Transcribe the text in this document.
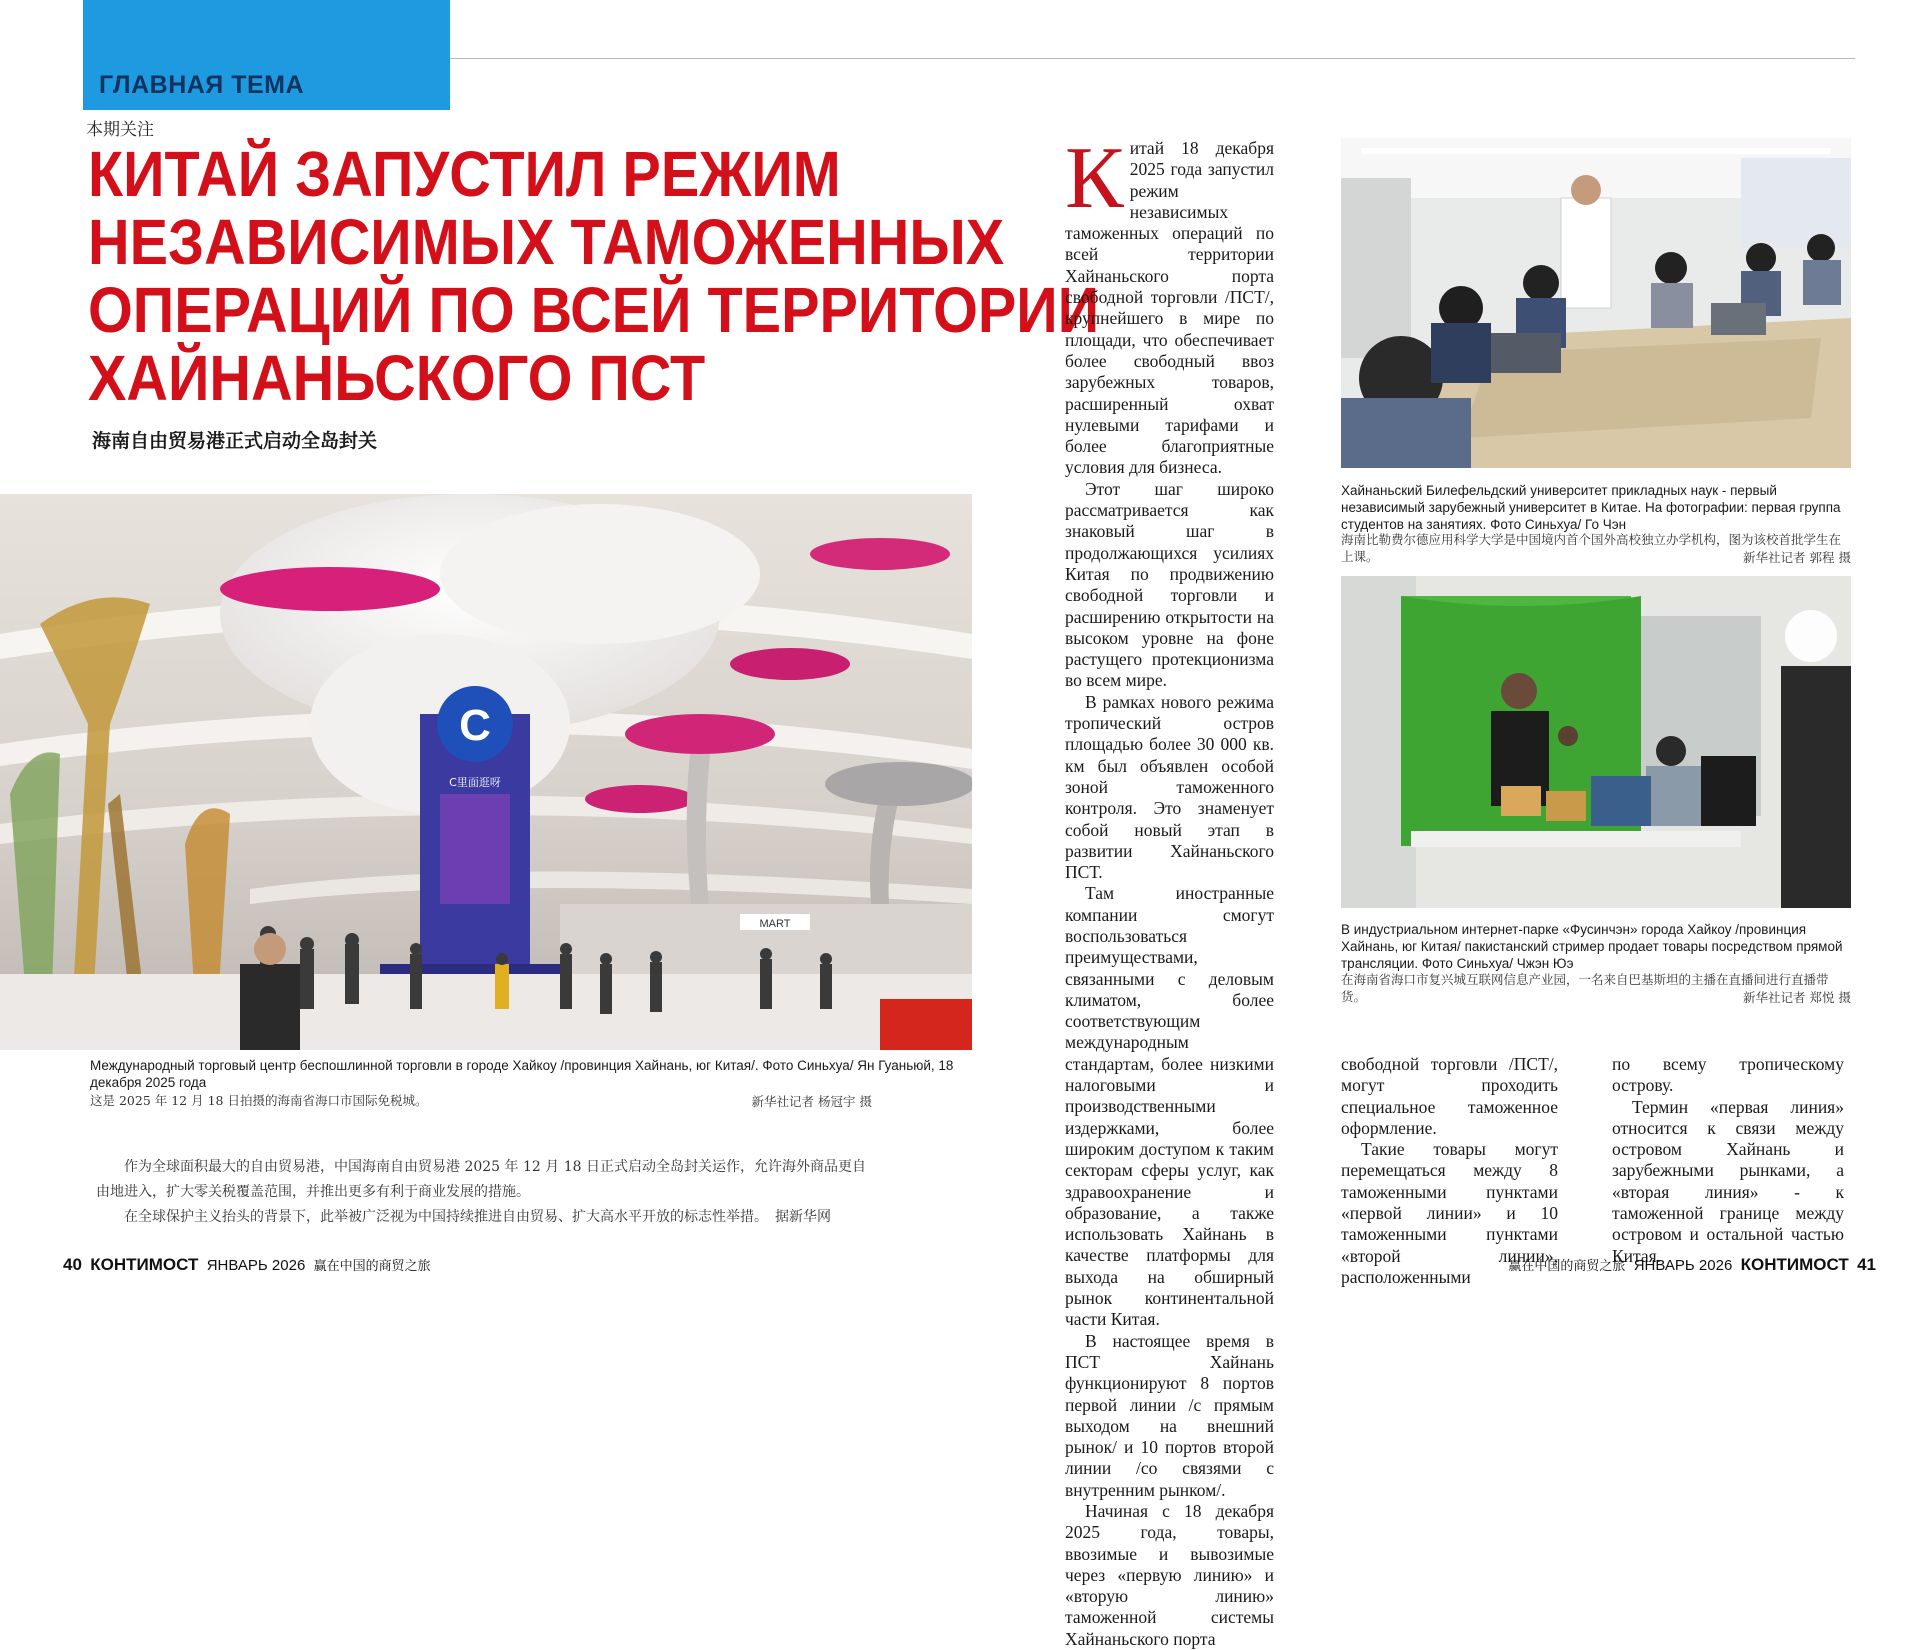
ГЛАВНАЯ ТЕМА
本期关注
КИТАЙ ЗАПУСТИЛ РЕЖИМ
НЕЗАВИСИМЫХ ТАМОЖЕННЫХ
ОПЕРАЦИЙ ПО ВСЕЙ ТЕРРИТОРИИ
ХАЙНАНЬСКОГО ПСТ
海南自由贸易港正式启动全岛封关
C
C里面逛呀
MART
Международный торговый центр беспошлинной торговли в городе Хайкоу /провинция Хайнань, юг Китая/. Фото Синьхуа/ Ян Гуаньюй, 18 декабря 2025 года
这是 2025 年 12 月 18 日拍摄的海南省海口市国际免税城。	新华社记者 杨冠宇 摄

作为全球面积最大的自由贸易港，中国海南自由贸易港 2025 年 12 月 18 日正式启动全岛封关运作，允许海外商品更自由地进入，扩大零关税覆盖范围，并推出更多有利于商业发展的措施。

在全球保护主义抬头的背景下，此举被广泛视为中国持续推进自由贸易、扩大高水平开放的标志性举措。　据新华网

Китай 18 декабря 2025 года запустил режим независимых таможенных операций по всей территории Хайнаньского порта свободной торговли /ПСТ/, крупнейшего в мире по площади, что обеспечивает более свободный ввоз зарубежных товаров, расширенный охват нулевыми тарифами и более благоприятные условия для бизнеса.

Этот шаг широко рассматривается как знаковый шаг в продолжающихся усилиях Китая по продвижению свободной торговли и расширению открытости на высоком уровне на фоне растущего протекционизма во всем мире.

В рамках нового режима тропический остров площадью более 30 000 кв. км был объявлен особой зоной таможенного контроля. Это знаменует собой новый этап в развитии Хайнаньского ПСТ.

Там иностранные компании смогут воспользоваться преимуществами, связанными с деловым климатом, более соответствующим международным стандартам, более низкими налоговыми и производственными издержками, более широким доступом к таким секторам сферы услуг, как здравоохранение и образование, а также использовать Хайнань в качестве платформы для выхода на обширный рынок континентальной части Китая.

В настоящее время в ПСТ Хайнань функционируют 8 портов первой линии /с прямым выходом на внешний рынок/ и 10 портов второй линии /со связями с внутренним рынком/.

Начиная с 18 декабря 2025 года, товары, ввозимые и вывозимые через «первую линию» и «вторую линию» таможенной системы Хайнаньского порта

свободной торговли /ПСТ/, могут проходить специальное таможенное оформление.

Такие товары могут перемещаться между 8 таможенными пунктами «первой линии» и 10 таможенными пунктами «второй линии», расположенными

по всему тропическому острову.

Термин «первая линия» относится к связи между островом Хайнань и зарубежными рынками, а «вторая линия» - к таможенной границе между островом и остальной частью Китая.

Хайнаньский Билефельдский университет прикладных наук - первый независимый зарубежный университет в Китае. На фотографии: первая группа студентов на занятиях. Фото Синьхуа/ Го Чэн
海南比勒费尔德应用科学大学是中国境内首个国外高校独立办学机构，图为该校首批学生在上课。	新华社记者 郭程 摄
В индустриальном интернет-парке «Фусинчэн» города Хайкоу /провинция Хайнань, юг Китая/ пакистанский стример продает товары посредством прямой трансляции. Фото Синьхуа/ Чжэн Юэ
在海南省海口市复兴城互联网信息产业园，一名来自巴基斯坦的主播在直播间进行直播带货。	新华社记者 郑悦 摄
40 КОНТИМОСТ ЯНВАРЬ 2026 赢在中国的商贸之旅	赢在中国的商贸之旅 ЯНВАРЬ 2026 КОНТИМОСТ 41
